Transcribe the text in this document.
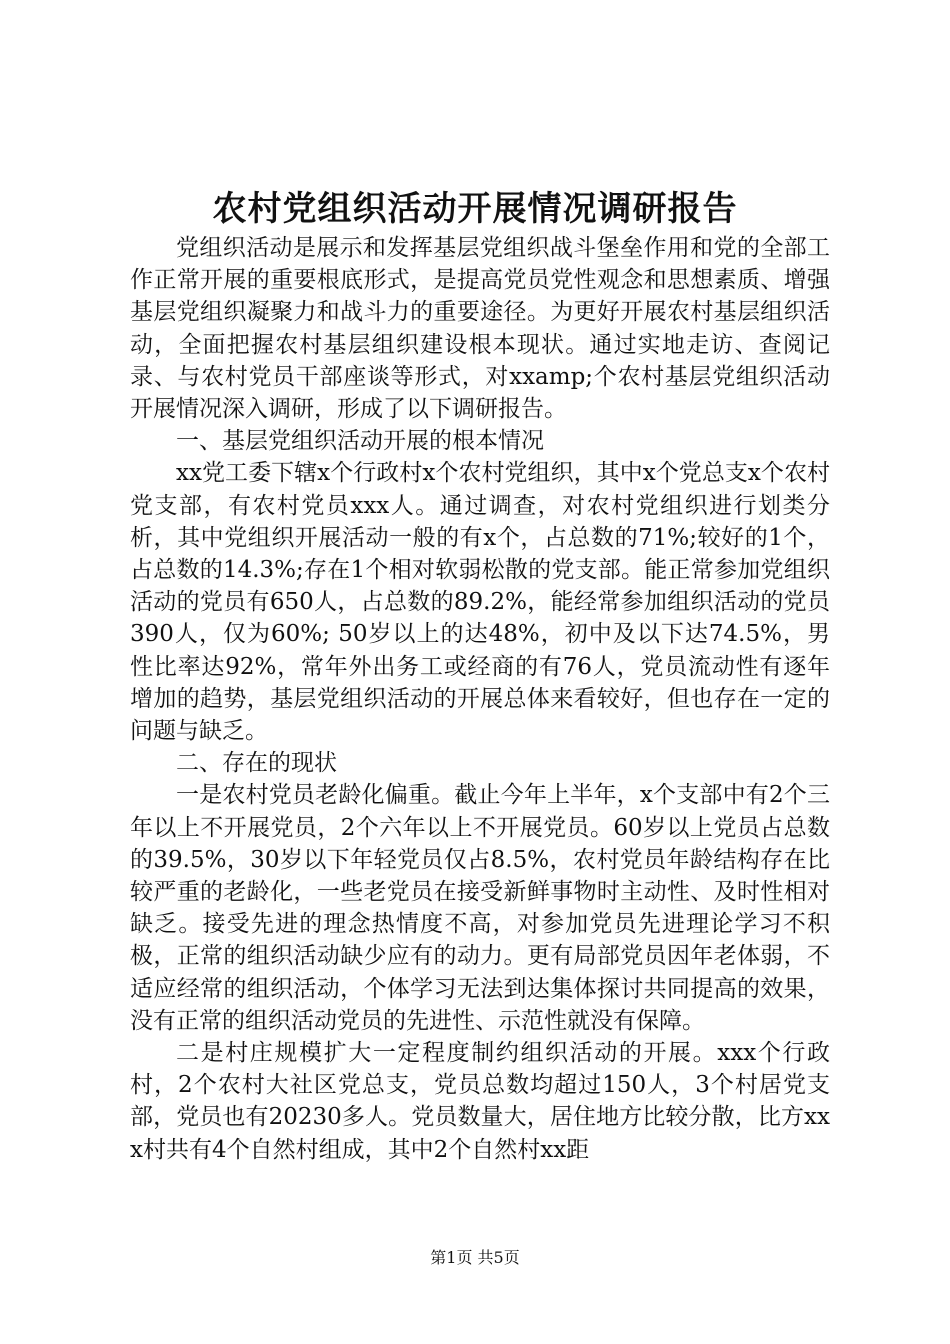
农村党组织活动开展情况调研报告

党组织活动是展示和发挥基层党组织战斗堡垒作用和党的全部工作正常开展的重要根底形式，是提高党员党性观念和思想素质、增强基层党组织凝聚力和战斗力的重要途径。为更好开展农村基层组织活动，全面把握农村基层组织建设根本现状。通过实地走访、查阅记录、与农村党员干部座谈等形式，对xxamp;个农村基层党组织活动开展情况深入调研，形成了以下调研报告。

一、基层党组织活动开展的根本情况

xx党工委下辖x个行政村x个农村党组织，其中x个党总支x个农村党支部，有农村党员xxx人。通过调查，对农村党组织进行划类分析，其中党组织开展活动一般的有x个，占总数的71%;较好的1个，占总数的14.3%;存在1个相对软弱松散的党支部。能正常参加党组织活动的党员有650人，占总数的89.2%，能经常参加组织活动的党员390人，仅为60%; 50岁以上的达48%，初中及以下达74.5%，男性比率达92%，常年外出务工或经商的有76人，党员流动性有逐年增加的趋势，基层党组织活动的开展总体来看较好，但也存在一定的问题与缺乏。

二、存在的现状

一是农村党员老龄化偏重。截止今年上半年，x个支部中有2个三年以上不开展党员，2个六年以上不开展党员。60岁以上党员占总数的39.5%，30岁以下年轻党员仅占8.5%，农村党员年龄结构存在比较严重的老龄化，一些老党员在接受新鲜事物时主动性、及时性相对缺乏。接受先进的理念热情度不高，对参加党员先进理论学习不积极，正常的组织活动缺少应有的动力。更有局部党员因年老体弱，不适应经常的组织活动，个体学习无法到达集体探讨共同提高的效果，没有正常的组织活动党员的先进性、示范性就没有保障。

二是村庄规模扩大一定程度制约组织活动的开展。xxx个行政村，2个农村大社区党总支，党员总数均超过150人，3个村居党支部，党员也有20230多人。党员数量大，居住地方比较分散，比方xxx村共有4个自然村组成，其中2个自然村xx距

第1页 共5页
